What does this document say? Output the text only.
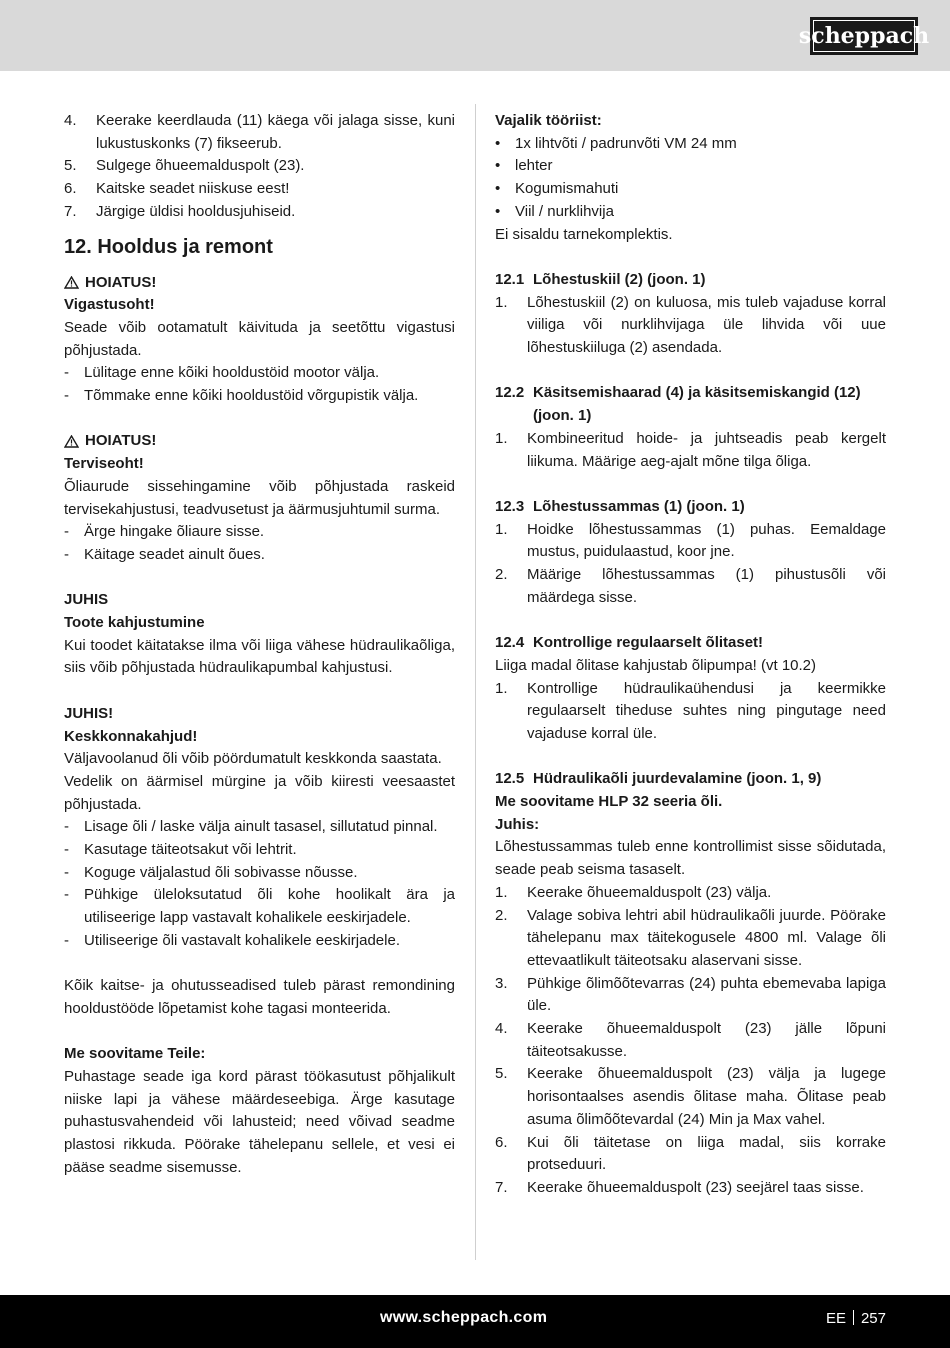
scheppach
4.	Keerake keerdlauda (11) käega või jalaga sisse, kuni lukustuskonks (7) fikseerub.
5.	Sulgege õhueemalduspolt (23).
6.	Kaitske seadet niiskuse eest!
7.	Järgige üldisi hooldusjuhiseid.
12. Hooldus ja remont
HOIATUS!

Vigastusoht!

Seade võib ootamatult käivituda ja seetõttu vigastusi põhjustada.

-	Lülitage enne kõiki hooldustöid mootor välja.
-	Tõmmake enne kõiki hooldustöid võrgupistik välja.
HOIATUS!

Terviseoht!

Õliaurude sissehingamine võib põhjustada raskeid tervisekahjustusi, teadvusetust ja äärmusjuhtumil surma.

-	Ärge hingake õliaure sisse.
-	Käitage seadet ainult õues.

JUHIS

Toote kahjustumine

Kui toodet käitatakse ilma või liiga vähese hüdraulikaõliga, siis võib põhjustada hüdraulikapumbal kahjustusi.

JUHIS!

Keskkonnakahjud!

Väljavoolanud õli võib pöördumatult keskkonda saastata.

Vedelik on äärmisel mürgine ja võib kiiresti veesaastet põhjustada.

-	Lisage õli / laske välja ainult tasasel, sillutatud pinnal.
-	Kasutage täiteotsakut või lehtrit.
-	Koguge väljalastud õli sobivasse nõusse.
-	Pühkige üleloksutatud õli kohe hoolikalt ära ja utiliseerige lapp vastavalt kohalikele eeskirjadele.
-	Utiliseerige õli vastavalt kohalikele eeskirjadele.

Kõik kaitse- ja ohutusseadised tuleb pärast remondining hooldustööde lõpetamist kohe tagasi monteerida.

Me soovitame Teile:

Puhastage seade iga kord pärast töökasutust põhjalikult niiske lapi ja vähese määrdeseebiga. Ärge kasutage puhastusvahendeid või lahusteid; need võivad seadme plastosi rikkuda. Pöörake tähelepanu sellele, et vesi ei pääse seadme sisemusse.

Vajalik tööriist:

• 1x lihtvõti / padrunvõti VM 24 mm
• lehter
• Kogumismahuti
• Viil / nurklihvija

Ei sisaldu tarnekomplektis.

12.1 Lõhestuskiil (2) (joon. 1)
1.	Lõhestuskiil (2) on kuluosa, mis tuleb vajaduse korral viiliga või nurklihvijaga üle lihvida või uue lõhestuskiiluga (2) asendada.
12.2 Käsitsemishaarad (4) ja käsitsemiskangid (12) (joon. 1)
1.	Kombineeritud hoide- ja juhtseadis peab kergelt liikuma. Määrige aeg-ajalt mõne tilga õliga.
12.3 Lõhestussammas (1) (joon. 1)
1.	Hoidke lõhestussammas (1) puhas. Eemaldage mustus, puidulaastud, koor jne.
2.	Määrige lõhestussammas (1) pihustusõli või määrdega sisse.
12.4 Kontrollige regulaarselt õlitaset!

Liiga madal õlitase kahjustab õlipumpa! (vt 10.2)

1.	Kontrollige hüdraulikaühendusi ja keermikke regulaarselt tiheduse suhtes ning pingutage need vajaduse korral üle.
12.5 Hüdraulikaõli juurdevalamine (joon. 1, 9)

Me soovitame HLP 32 seeria õli.

Juhis:

Lõhestussammas tuleb enne kontrollimist sisse sõidutada, seade peab seisma tasaselt.

1.	Keerake õhueemalduspolt (23) välja.
2.	Valage sobiva lehtri abil hüdraulikaõli juurde. Pöörake tähelepanu max täitekogusele 4800 ml. Valage õli ettevaatlikult täiteotsaku alaservani sisse.
3.	Pühkige õlimõõtevarras (24) puhta ebemevaba lapiga üle.
4.	Keerake õhueemalduspolt (23) jälle lõpuni täiteotsakusse.
5.	Keerake õhueemalduspolt (23) välja ja lugege horisontaalses asendis õlitase maha. Õlitase peab asuma õlimõõtevardal (24) Min ja Max vahel.
6.	Kui õli täitetase on liiga madal, siis korrake protseduuri.
7.	Keerake õhueemalduspolt (23) seejärel taas sisse.
www.scheppach.com	EE 257
